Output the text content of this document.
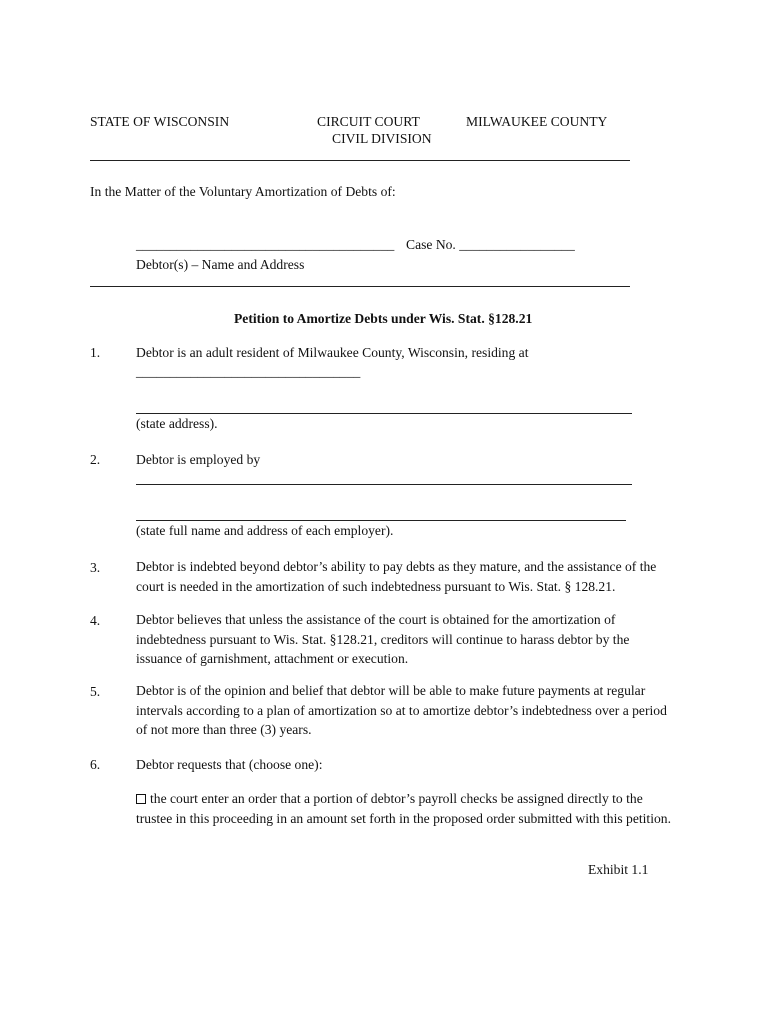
STATE OF WISCONSIN	CIRCUIT COURT
CIVIL DIVISION
MILWAUKEE COUNTY
In the Matter of the Voluntary Amortization of Debts of:
______________________________________ Case No. _________________
Debtor(s) – Name and Address
Petition to Amortize Debts under Wis. Stat. §128.21
1.	Debtor is an adult resident of Milwaukee County, Wisconsin, residing at
_________________________________
(state address).
2.	Debtor is employed by
(state full name and address of each employer).
3.	Debtor is indebted beyond debtor’s ability to pay debts as they mature, and the assistance of the
court is needed in the amortization of such indebtedness pursuant to Wis. Stat. § 128.21.
4.	Debtor believes that unless the assistance of the court is obtained for the amortization of
indebtedness pursuant to Wis. Stat. §128.21, creditors will continue to harass debtor by the
issuance of garnishment, attachment or execution.
5.	Debtor is of the opinion and belief that debtor will be able to make future payments at regular
intervals according to a plan of amortization so at to amortize debtor’s indebtedness over a period
of not more than three (3) years.
6.	Debtor requests that (choose one):
the court enter an order that a portion of debtor’s payroll checks be assigned directly to the
trustee in this proceeding in an amount set forth in the proposed order submitted with this petition.
Exhibit 1.1
